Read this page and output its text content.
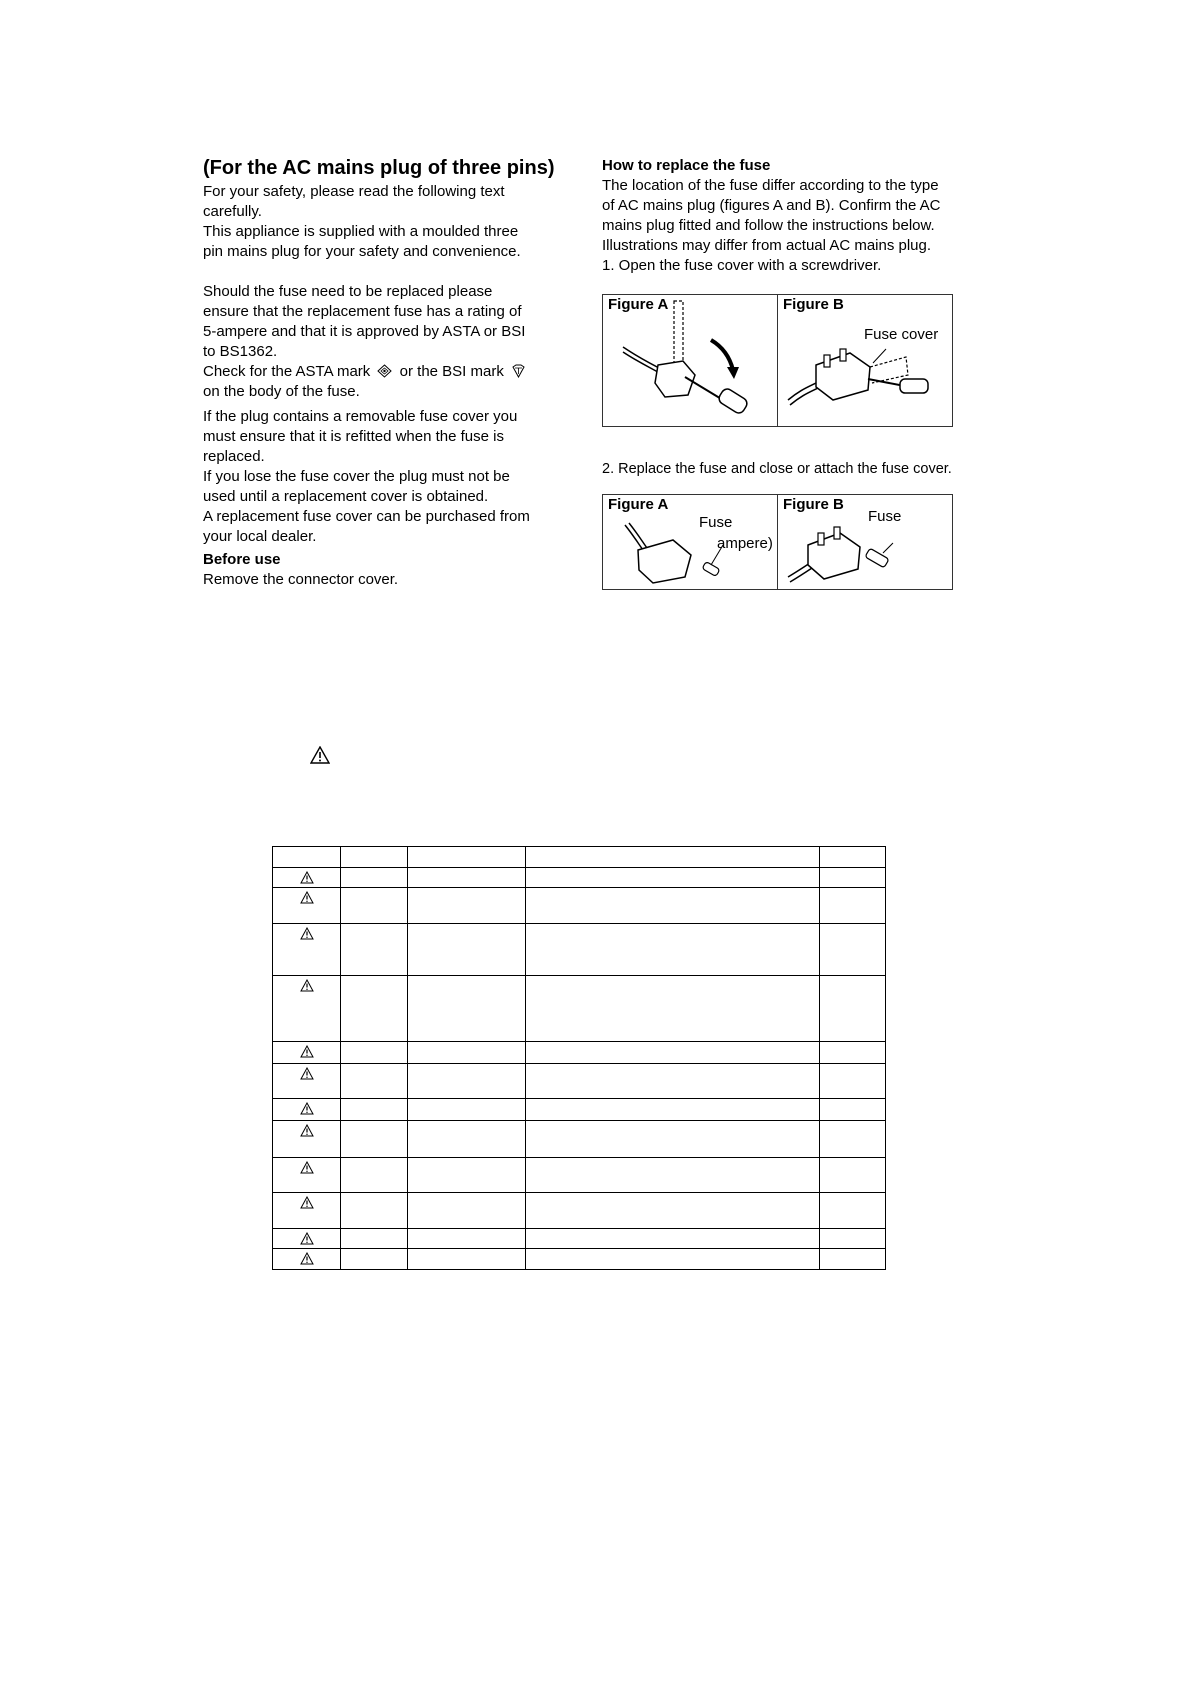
(For the AC mains plug of three pins)

For your safety, please read the following text

carefully.

This appliance is supplied with a moulded three

pin mains plug for your safety and convenience.

Should the fuse need to be replaced please

ensure that the replacement fuse has a rating of

5-ampere and that it is approved by ASTA or BSI

to BS1362.

Check for the ASTA mark or the BSI mark

on the body of the fuse.

If the plug contains a removable fuse cover you

must ensure that it is refitted when the fuse is

replaced.

If you lose the fuse cover the plug must not be

used until a replacement cover is obtained.

A replacement fuse cover can be purchased from

your local dealer.

Before use

Remove the connector cover.

How to replace the fuse

The location of the fuse differ according to the type

of AC mains plug (figures A and B). Confirm the AC

mains plug fitted and follow the instructions below.

Illustrations may differ from actual AC mains plug.

1. Open the fuse cover with a screwdriver.

Figure A	Figure B
Fuse cover
2. Replace the fuse and close or attach the fuse cover.
Figure A
Fuse
ampere)
Figure B
Fuse
